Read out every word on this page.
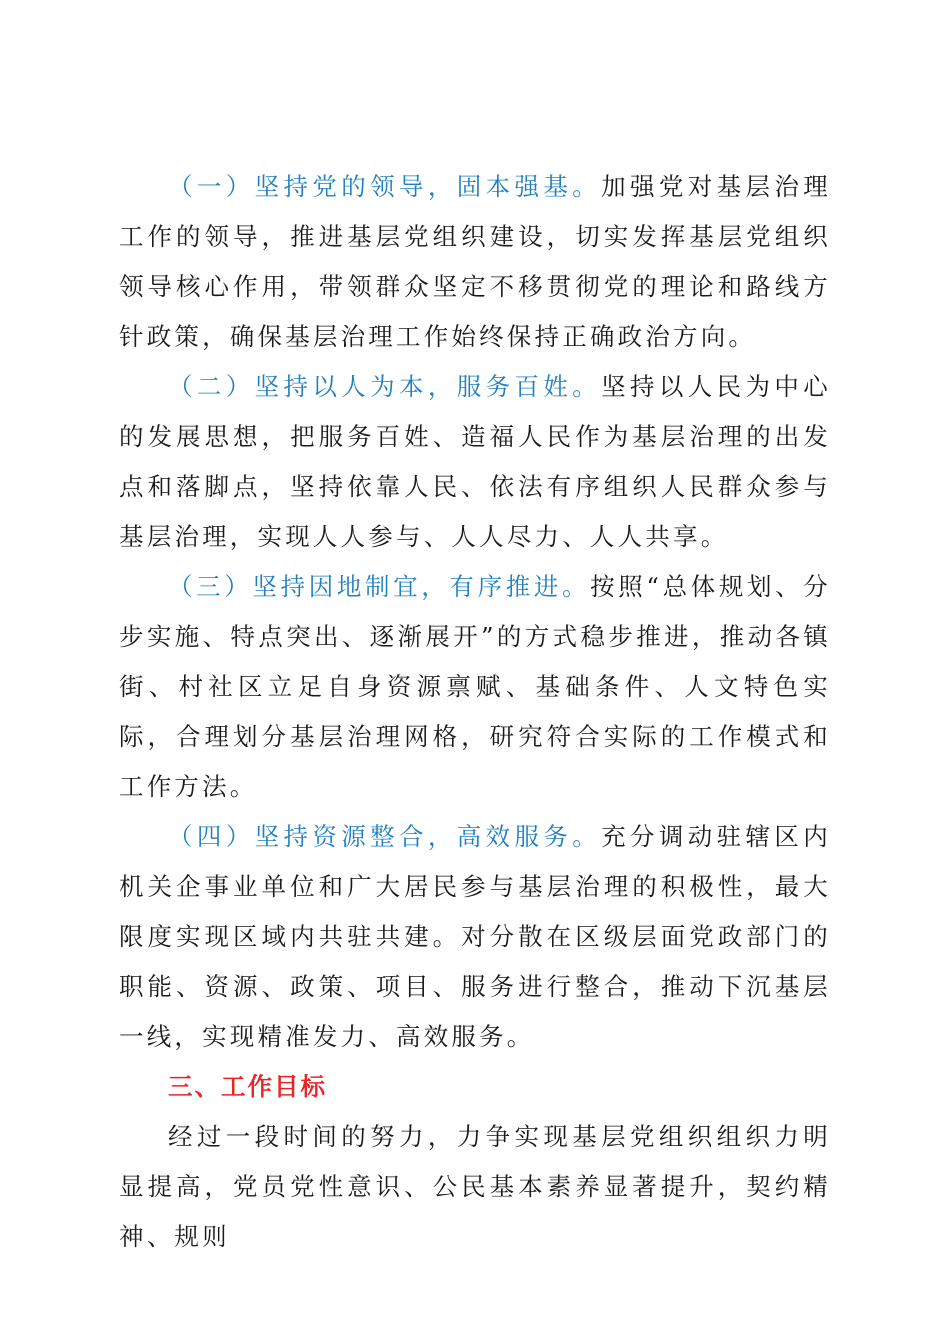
（一）坚持党的领导，固本强基。加强党对基层治理工作的领导，推进基层党组织建设，切实发挥基层党组织领导核心作用，带领群众坚定不移贯彻党的理论和路线方针政策，确保基层治理工作始终保持正确政治方向。

（二）坚持以人为本，服务百姓。坚持以人民为中心的发展思想，把服务百姓、造福人民作为基层治理的出发点和落脚点，坚持依靠人民、依法有序组织人民群众参与基层治理，实现人人参与、人人尽力、人人共享。

（三）坚持因地制宜，有序推进。按照“总体规划、分步实施、特点突出、逐渐展开”的方式稳步推进，推动各镇街、村社区立足自身资源禀赋、基础条件、人文特色实际，合理划分基层治理网格，研究符合实际的工作模式和工作方法。

（四）坚持资源整合，高效服务。充分调动驻辖区内机关企事业单位和广大居民参与基层治理的积极性，最大限度实现区域内共驻共建。对分散在区级层面党政部门的职能、资源、政策、项目、服务进行整合，推动下沉基层一线，实现精准发力、高效服务。

三、工作目标

经过一段时间的努力，力争实现基层党组织组织力明显提高，党员党性意识、公民基本素养显著提升，契约精神、规则
